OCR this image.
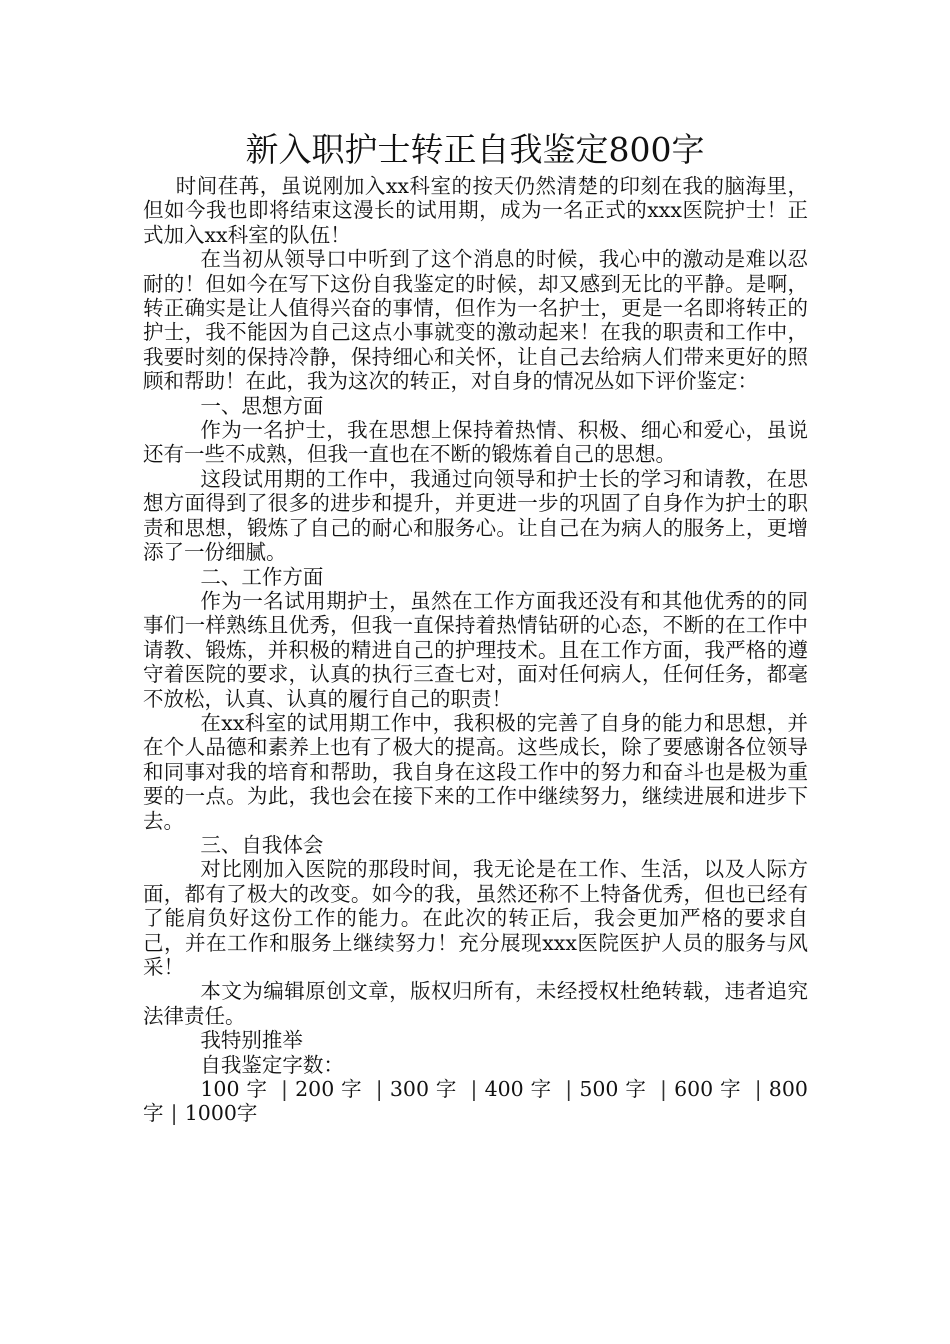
新入职护士转正自我鉴定800字

时间荏苒，虽说刚加入xx科室的按天仍然清楚的印刻在我的脑海里，但如今我也即将结束这漫长的试用期，成为一名正式的xxx医院护士！正式加入xx科室的队伍！

在当初从领导口中听到了这个消息的时候，我心中的激动是难以忍耐的！但如今在写下这份自我鉴定的时候，却又感到无比的平静。是啊，转正确实是让人值得兴奋的事情，但作为一名护士，更是一名即将转正的护士，我不能因为自己这点小事就变的激动起来！在我的职责和工作中，我要时刻的保持冷静，保持细心和关怀，让自己去给病人们带来更好的照顾和帮助！在此，我为这次的转正，对自身的情况丛如下评价鉴定：

一、思想方面

作为一名护士，我在思想上保持着热情、积极、细心和爱心，虽说还有一些不成熟，但我一直也在不断的锻炼着自己的思想。

这段试用期的工作中，我通过向领导和护士长的学习和请教，在思想方面得到了很多的进步和提升，并更进一步的巩固了自身作为护士的职责和思想，锻炼了自己的耐心和服务心。让自己在为病人的服务上，更增添了一份细腻。

二、工作方面

作为一名试用期护士，虽然在工作方面我还没有和其他优秀的的同事们一样熟练且优秀，但我一直保持着热情钻研的心态，不断的在工作中请教、锻炼，并积极的精进自己的护理技术。且在工作方面，我严格的遵守着医院的要求，认真的执行三查七对，面对任何病人，任何任务，都毫不放松，认真、认真的履行自己的职责！

在xx科室的试用期工作中，我积极的完善了自身的能力和思想，并在个人品德和素养上也有了极大的提高。这些成长，除了要感谢各位领导和同事对我的培育和帮助，我自身在这段工作中的努力和奋斗也是极为重要的一点。为此，我也会在接下来的工作中继续努力，继续进展和进步下去。

三、自我体会

对比刚加入医院的那段时间，我无论是在工作、生活，以及人际方面，都有了极大的改变。如今的我，虽然还称不上特备优秀，但也已经有了能肩负好这份工作的能力。在此次的转正后，我会更加严格的要求自己，并在工作和服务上继续努力！充分展现xxx医院医护人员的服务与风采！

本文为编辑原创文章，版权归所有，未经授权杜绝转载，违者追究法律责任。

我特别推举

自我鉴定字数：

100字 | 200字 | 300字 | 400字 | 500字 | 600字 | 800字 | 1000字
